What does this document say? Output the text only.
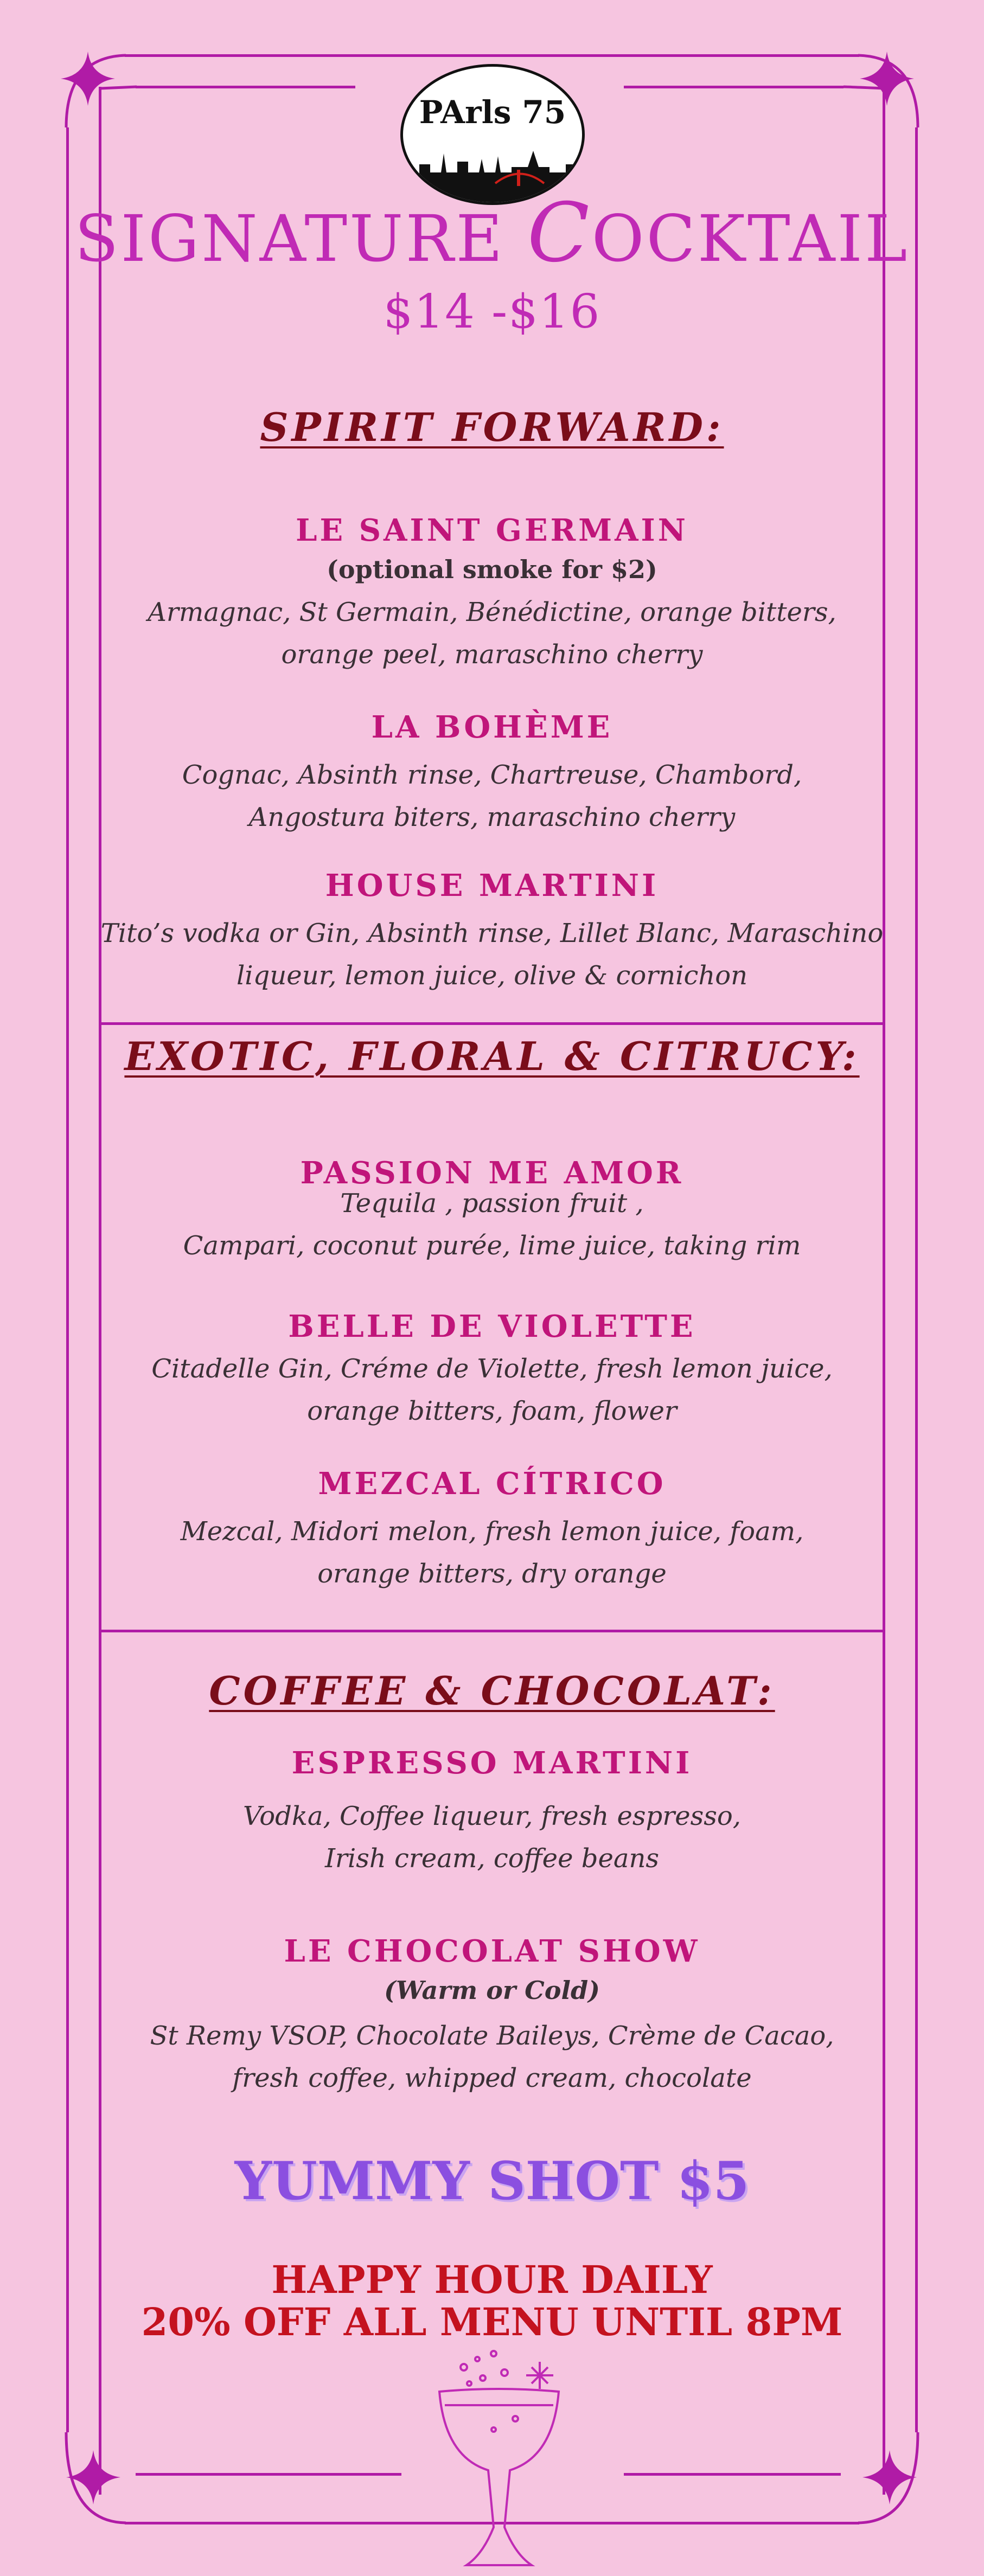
PArls 75
SIGNATURE COCKTAIL
$14 -$16
SPIRIT FORWARD:
LE SAINT GERMAIN
(optional smoke for $2)
Armagnac, St Germain, Bénédictine, orange bitters,
orange peel, maraschino cherry
LA BOHÈME
Cognac, Absinth rinse, Chartreuse, Chambord,
Angostura biters, maraschino cherry
HOUSE MARTINI
Tito’s vodka or Gin, Absinth rinse, Lillet Blanc, Maraschino
liqueur, lemon juice, olive & cornichon
EXOTIC, FLORAL & CITRUCY:
PASSION ME AMOR
Tequila , passion fruit ,
Campari, coconut purée, lime juice, taking rim
BELLE DE VIOLETTE
Citadelle Gin, Créme de Violette, fresh lemon juice,
orange bitters, foam, flower
MEZCAL CÍTRICO
Mezcal, Midori melon, fresh lemon juice, foam,
orange bitters, dry orange
COFFEE & CHOCOLAT:
ESPRESSO MARTINI
Vodka, Coffee liqueur, fresh espresso,
Irish cream, coffee beans
LE CHOCOLAT SHOW
(Warm or Cold)
St Remy VSOP, Chocolate Baileys, Crème de Cacao,
fresh coffee, whipped cream, chocolate
YUMMY SHOT $5
HAPPY HOUR DAILY
20% OFF ALL MENU UNTIL 8PM
